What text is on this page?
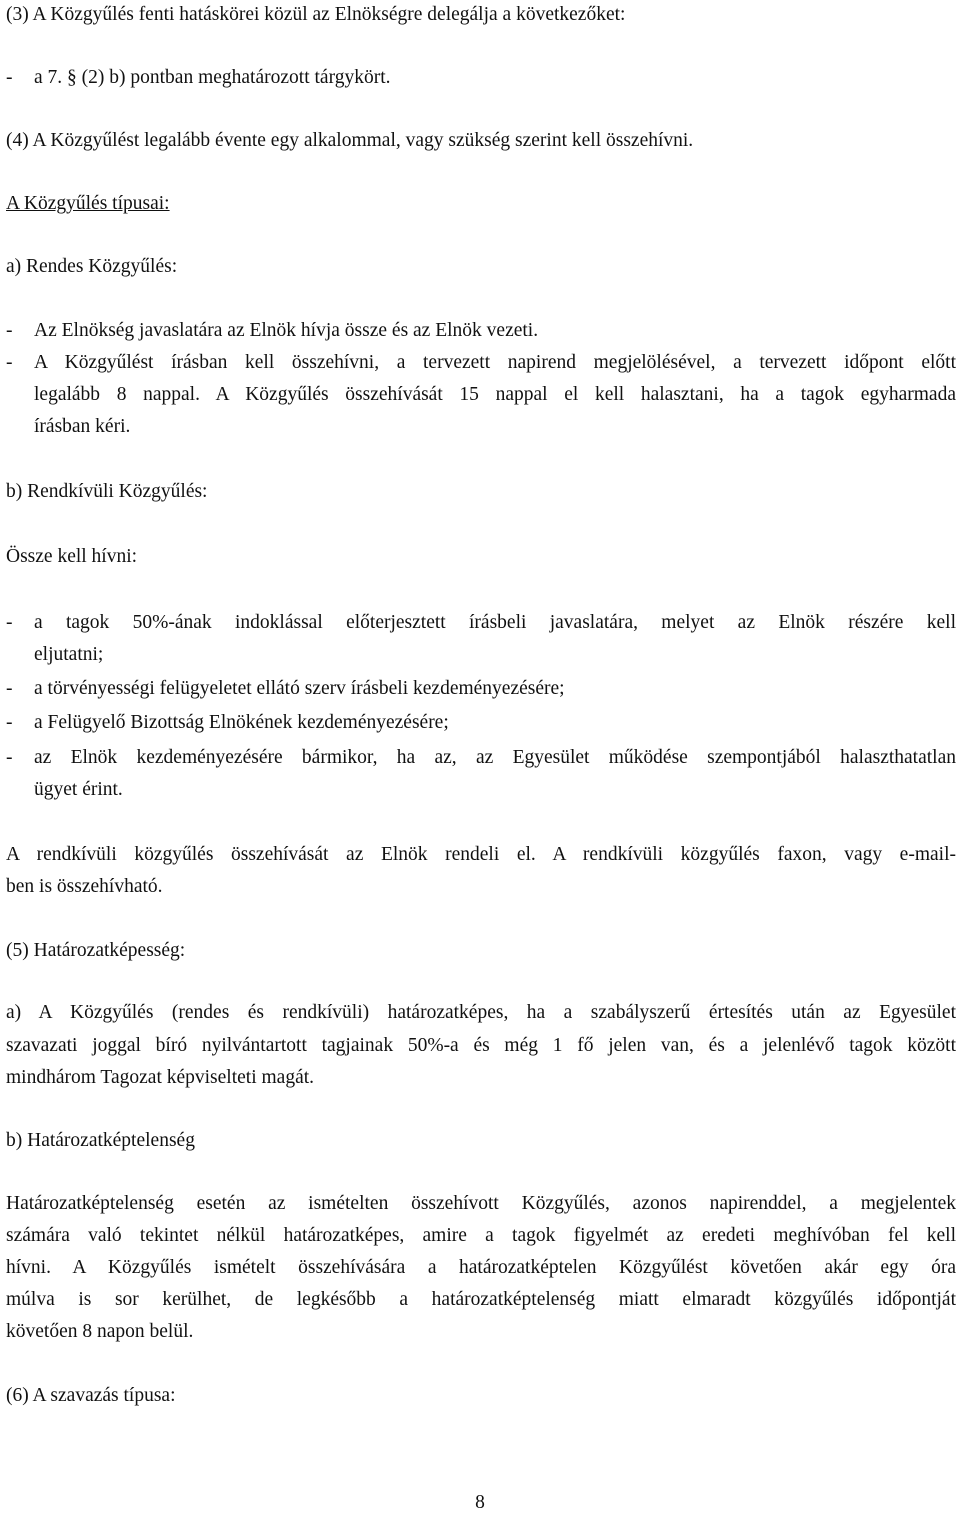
(3) A Közgyűlés fenti hatáskörei közül az Elnökségre delegálja a következőket:
- a 7. § (2) b) pontban meghatározott tárgykört.
(4) A Közgyűlést legalább évente egy alkalommal, vagy szükség szerint kell összehívni.
A Közgyűlés típusai:
a) Rendes Közgyűlés:
- Az Elnökség javaslatára az Elnök hívja össze és az Elnök vezeti.
- A Közgyűlést írásban kell összehívni, a tervezett napirend megjelölésével, a tervezett időpont előtt
legalább 8 nappal. A Közgyűlés összehívását 15 nappal el kell halasztani, ha a tagok egyharmada
írásban kéri.
b) Rendkívüli Közgyűlés:
Össze kell hívni:
- a tagok 50%-ának indoklással előterjesztett írásbeli javaslatára, melyet az Elnök részére kell
eljutatni;
- a törvényességi felügyeletet ellátó szerv írásbeli kezdeményezésére;
- a Felügyelő Bizottság Elnökének kezdeményezésére;
- az Elnök kezdeményezésére bármikor, ha az, az Egyesület működése szempontjából halaszthatatlan
ügyet érint.
A rendkívüli közgyűlés összehívását az Elnök rendeli el. A rendkívüli közgyűlés faxon, vagy e-mail-
ben is összehívható.
(5) Határozatképesség:
a) A Közgyűlés (rendes és rendkívüli) határozatképes, ha a szabályszerű értesítés után az Egyesület
szavazati joggal bíró nyilvántartott tagjainak 50%-a és még 1 fő jelen van, és a jelenlévő tagok között
mindhárom Tagozat képviselteti magát.
b) Határozatképtelenség
Határozatképtelenség esetén az ismételten összehívott Közgyűlés, azonos napirenddel, a megjelentek
számára való tekintet nélkül határozatképes, amire a tagok figyelmét az eredeti meghívóban fel kell
hívni. A Közgyűlés ismételt összehívására a határozatképtelen Közgyűlést követően akár egy óra
múlva is sor kerülhet, de legkésőbb a határozatképtelenség miatt elmaradt közgyűlés időpontját
követően 8 napon belül.
(6) A szavazás típusa:
8
